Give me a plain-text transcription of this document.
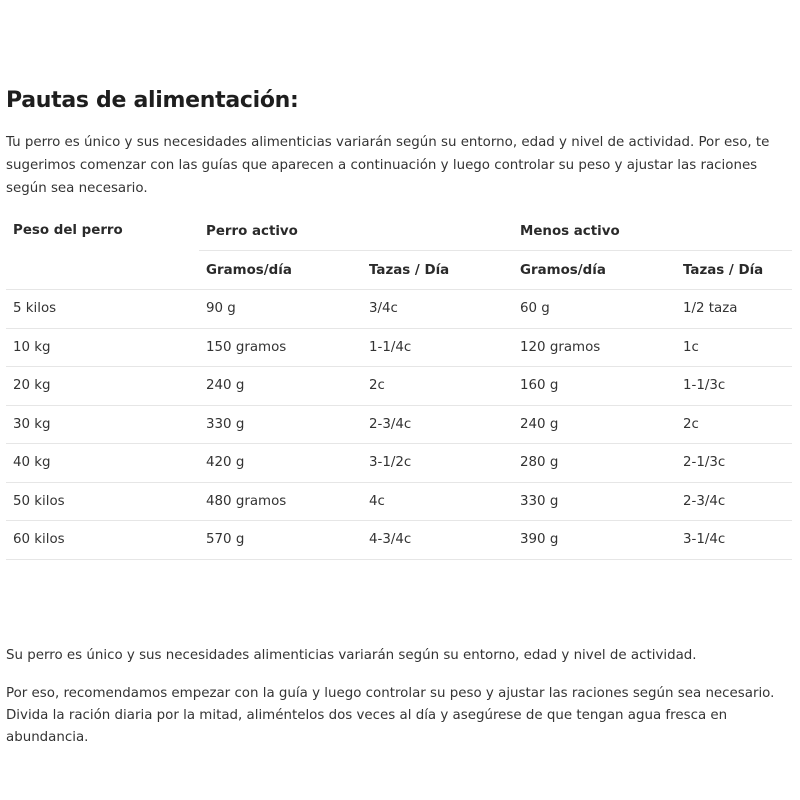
Pautas de alimentación:

Tu perro es único y sus necesidades alimenticias variarán según su entorno, edad y nivel de actividad. Por eso, te sugerimos comenzar con las guías que aparecen a continuación y luego controlar su peso y ajustar las raciones según sea necesario.

Peso del perro	Perro activo		Menos activo	
	Gramos/día	Tazas / Día	Gramos/día	Tazas / Día
5 kilos	90 g	3/4c	60 g	1/2 taza
10 kg	150 gramos	1-1/4c	120 gramos	1c
20 kg	240 g	2c	160 g	1-1/3c
30 kg	330 g	2-3/4c	240 g	2c
40 kg	420 g	3-1/2c	280 g	2-1/3c
50 kilos	480 gramos	4c	330 g	2-3/4c
60 kilos	570 g	4-3/4c	390 g	3-1/4c

Su perro es único y sus necesidades alimenticias variarán según su entorno, edad y nivel de actividad.

Por eso, recomendamos empezar con la guía y luego controlar su peso y ajustar las raciones según sea necesario. Divida la ración diaria por la mitad, aliméntelos dos veces al día y asegúrese de que tengan agua fresca en abundancia.
